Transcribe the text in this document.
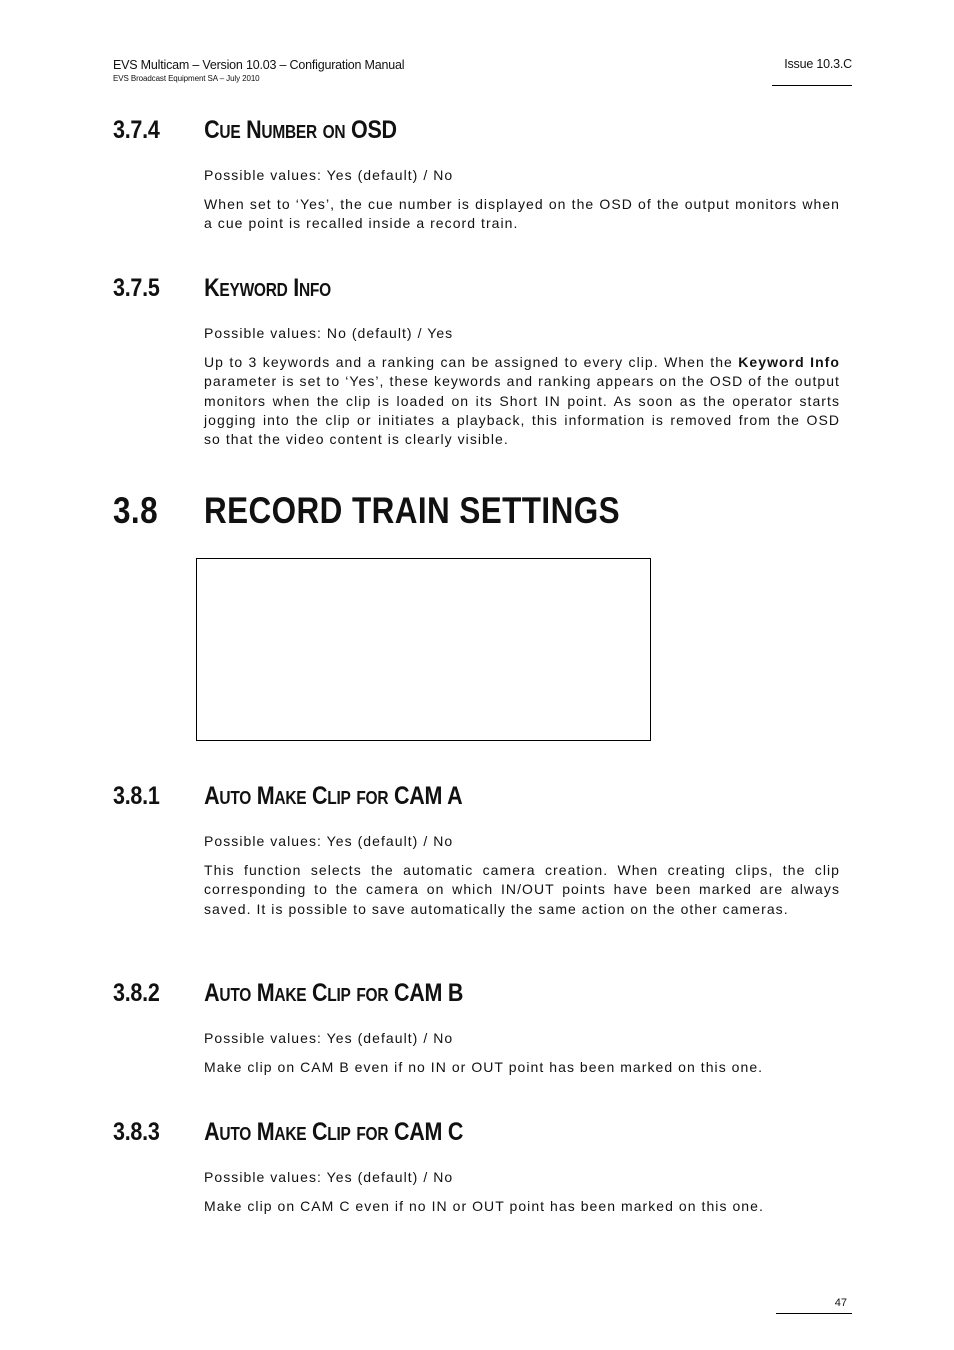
EVS Multicam – Version 10.03 – Configuration Manual
EVS Broadcast Equipment SA – July 2010
Issue 10.3.C
3.7.4 Cue Number on OSD

Possible values: Yes (default) / No

When set to ‘Yes’, the cue number is displayed on the OSD of the output monitors when a cue point is recalled inside a record train.

3.7.5 Keyword Info

Possible values: No (default) / Yes

Up to 3 keywords and a ranking can be assigned to every clip. When the Keyword Info parameter is set to ‘Yes’, these keywords and ranking appears on the OSD of the output monitors when the clip is loaded on its Short IN point. As soon as the operator starts jogging into the clip or initiates a playback, this information is removed from the OSD so that the video content is clearly visible.

3.8 RECORD TRAIN SETTINGS
3.8.1 Auto Make Clip for CAM A

Possible values: Yes (default) / No

This function selects the automatic camera creation. When creating clips, the clip corresponding to the camera on which IN/OUT points have been marked are always saved. It is possible to save automatically the same action on the other cameras.

3.8.2 Auto Make Clip for CAM B

Possible values: Yes (default) / No

Make clip on CAM B even if no IN or OUT point has been marked on this one.

3.8.3 Auto Make Clip for CAM C

Possible values: Yes (default) / No

Make clip on CAM C even if no IN or OUT point has been marked on this one.

47
